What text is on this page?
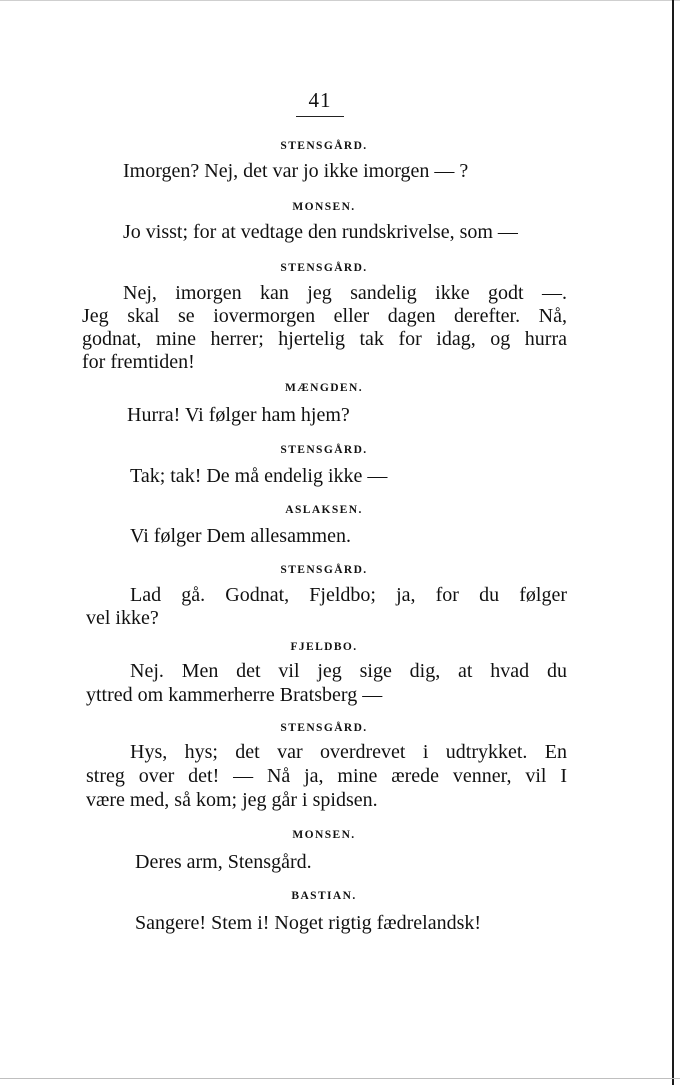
41
STENSGÅRD.
Imorgen? Nej, det var jo ikke imorgen — ?
MONSEN.
Jo visst; for at vedtage den rundskrivelse, som —
STENSGÅRD.
Nej, imorgen kan jeg sandelig ikke godt —.
Jeg skal se iovermorgen eller dagen derefter. Nå,
godnat, mine herrer; hjertelig tak for idag, og hurra
for fremtiden!
MÆNGDEN.
Hurra! Vi følger ham hjem?
STENSGÅRD.
Tak; tak! De må endelig ikke —
ASLAKSEN.
Vi følger Dem allesammen.
STENSGÅRD.
Lad gå. Godnat, Fjeldbo; ja, for du følger
vel ikke?
FJELDBO.
Nej. Men det vil jeg sige dig, at hvad du
yttred om kammerherre Bratsberg —
STENSGÅRD.
Hys, hys; det var overdrevet i udtrykket. En
streg over det! — Nå ja, mine ærede venner, vil I
være med, så kom; jeg går i spidsen.
MONSEN.
Deres arm, Stensgård.
BASTIAN.
Sangere! Stem i! Noget rigtig fædrelandsk!
